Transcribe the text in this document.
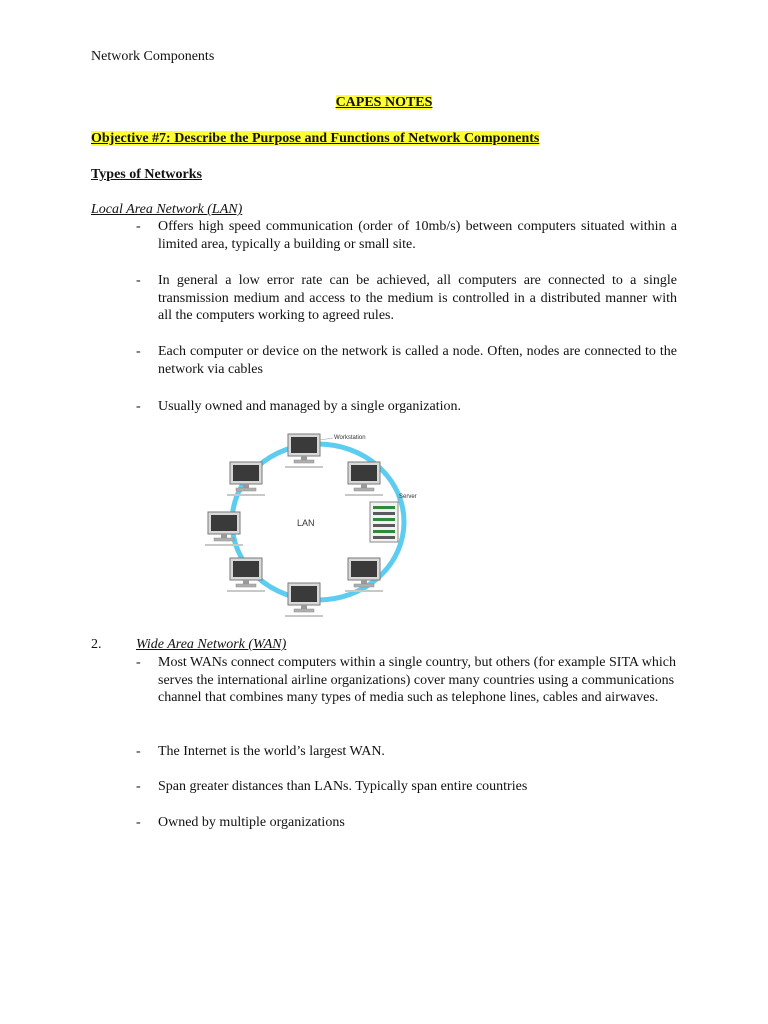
Network Components
CAPES NOTES
Objective #7: Describe the Purpose and Functions of Network Components
Types of Networks
Local Area Network (LAN)
- Offers high speed communication (order of 10mb/s) between computers situated within a limited area, typically a building or small site.
- In general a low error rate can be achieved, all computers are connected to a single transmission medium and access to the medium is controlled in a distributed manner with all the computers working to agreed rules.
- Each computer or device on the network is called a node. Often, nodes are connected to the network via cables
- Usually owned and managed by a single organization.
Workstation
Server
LAN
2. Wide Area Network (WAN)
- Most WANs connect computers within a single country, but others (for example SITA which serves the international airline organizations) cover many countries using a communications channel that combines many types of media such as telephone lines, cables and airwaves.
- The Internet is the world’s largest WAN.
- Span greater distances than LANs. Typically span entire countries
- Owned by multiple organizations
